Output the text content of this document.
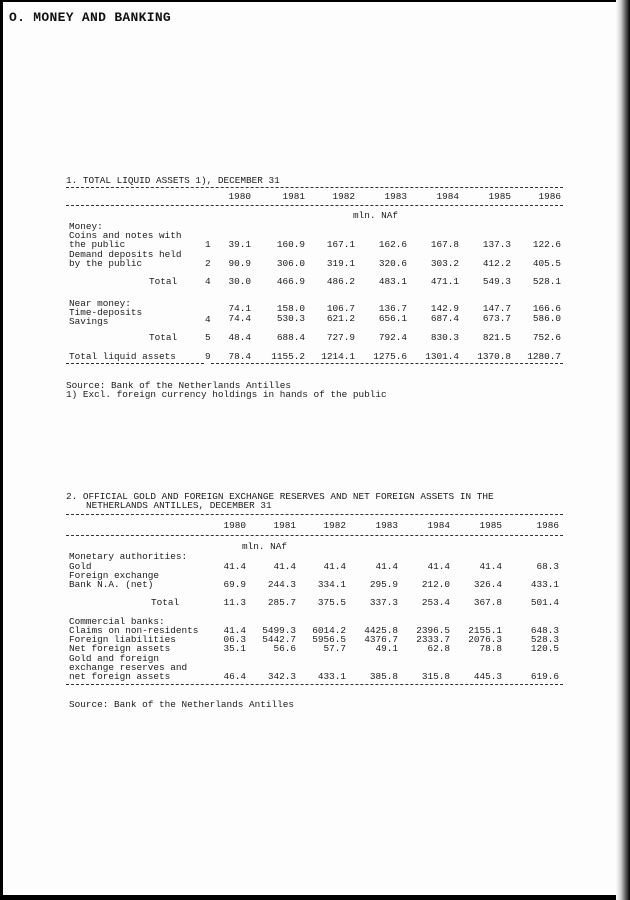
O. MONEY AND BANKING
1. TOTAL LIQUID ASSETS 1), DECEMBER 31
1980	1981	1982	1983	1984	1985	1986
mln. NAf
Money:
Coins and notes with
the public	1	39.1	160.9	167.1	162.6	167.8	137.3	122.6
Demand deposits held
by the public	2	90.9	306.0	319.1	320.6	303.2	412.2	405.5
Total	4	30.0	466.9	486.2	483.1	471.1	549.3	528.1
Near money:
Time-deposits	74.1	158.0	106.7	136.7	142.9	147.7	166.6
Savings	4	74.4	530.3	621.2	656.1	687.4	673.7	586.0
Total	5	48.4	688.4	727.9	792.4	830.3	821.5	752.6
Total liquid assets	9	78.4	1155.2	1214.1	1275.6	1301.4	1370.8	1280.7
Source: Bank of the Netherlands Antilles
1) Excl. foreign currency holdings in hands of the public
2. OFFICIAL GOLD AND FOREIGN EXCHANGE RESERVES AND NET FOREIGN ASSETS IN THE
NETHERLANDS ANTILLES, DECEMBER 31
1980	1981	1982	1983	1984	1985	1986
mln. NAf
Monetary authorities:
Gold	41.4	41.4	41.4	41.4	41.4	41.4	68.3
Foreign exchange
Bank N.A. (net)	69.9	244.3	334.1	295.9	212.0	326.4	433.1
Total	11.3	285.7	375.5	337.3	253.4	367.8	501.4
Commercial banks:
Claims on non-residents	41.4	5499.3	6014.2	4425.8	2396.5	2155.1	648.3
Foreign liabilities	06.3	5442.7	5956.5	4376.7	2333.7	2076.3	528.3
Net foreign assets	35.1	56.6	57.7	49.1	62.8	78.8	120.5
Gold and foreign
exchange reserves and
net foreign assets	46.4	342.3	433.1	385.8	315.8	445.3	619.6
Source: Bank of the Netherlands Antilles
